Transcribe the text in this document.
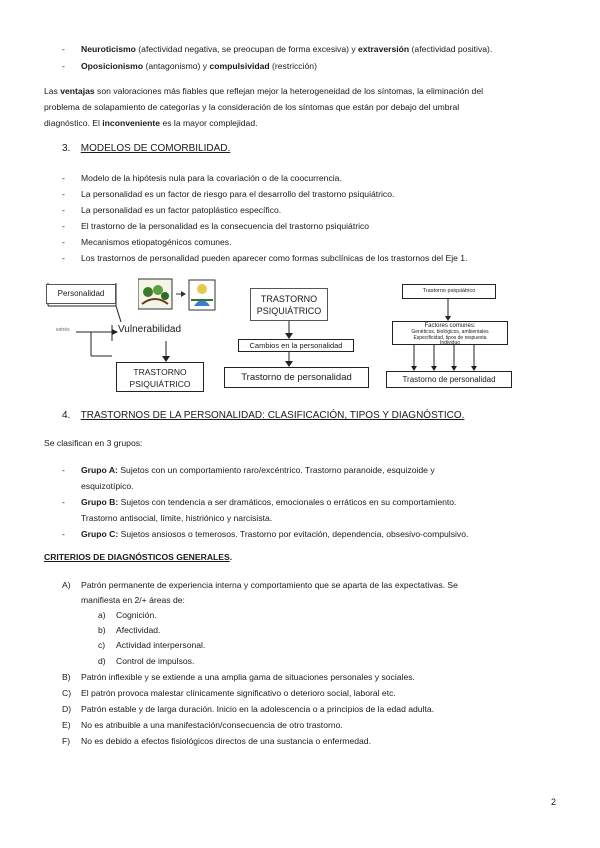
- Neuroticismo (afectividad negativa, se preocupan de forma excesiva) y extraversión (afectividad positiva).
- Oposicionismo (antagonismo) y compulsividad (restricción)
Las ventajas son valoraciones más fiables que reflejan mejor la heterogeneidad de los síntomas, la eliminación del
problema de solapamiento de categorías y la consideración de los síntomas que están por debajo del umbral
diagnóstico. El inconveniente es la mayor complejidad.
3. MODELOS DE COMORBILIDAD.
- Modelo de la hipótesis nula para la covariación o de la coocurrencia.
- La personalidad es un factor de riesgo para el desarrollo del trastorno psiquiátrico.
- La personalidad es un factor patoplástico específico.
- El trastorno de la personalidad es la consecuencia del trastorno psiquiátrico
- Mecanismos etiopatogénicos comunes.
- Los trastornos de personalidad pueden aparecer como formas subclínicas de los trastornos del Eje 1.
Personalidad
estrés	Vulnerabilidad
TRASTORNO
PSIQUIÁTRICO
TRASTORNO
PSIQUIÁTRICO
Cambios en la personalidad
Trastorno de personalidad
Trastorno psiquiátrico
Factores comunes:
Genéticos, biológicos, ambientales
Especificidad, tipos de respuesta
Individuo
Trastorno de personalidad
4. TRASTORNOS DE LA PERSONALIDAD: CLASIFICACIÓN, TIPOS Y DIAGNÓSTICO.
Se clasifican en 3 grupos:
- Grupo A: Sujetos con un comportamiento raro/excéntrico. Trastorno paranoide, esquizoide y
esquizotípico.
- Grupo B: Sujetos con tendencia a ser dramáticos, emocionales o erráticos en su comportamiento.
Trastorno antisocial, límite, histriónico y narcisista.
- Grupo C: Sujetos ansiosos o temerosos. Trastorno por evitación, dependencia, obsesivo-compulsivo.
CRITERIOS DE DIAGNÓSTICOS GENERALES.
A) Patrón permanente de experiencia interna y comportamiento que se aparta de las expectativas. Se
manifiesta en 2/+ áreas de:
a) Cognición.
b) Afectividad.
c) Actividad interpersonal.
d) Control de impulsos.
B) Patrón inflexible y se extiende a una amplia gama de situaciones personales y sociales.
C) El patrón provoca malestar clínicamente significativo o deterioro social, laboral etc.
D) Patrón estable y de larga duración. Inicio en la adolescencia o a principios de la edad adulta.
E) No es atribuible a una manifestación/consecuencia de otro trastorno.
F) No es debido a efectos fisiológicos directos de una sustancia o enfermedad.
2
